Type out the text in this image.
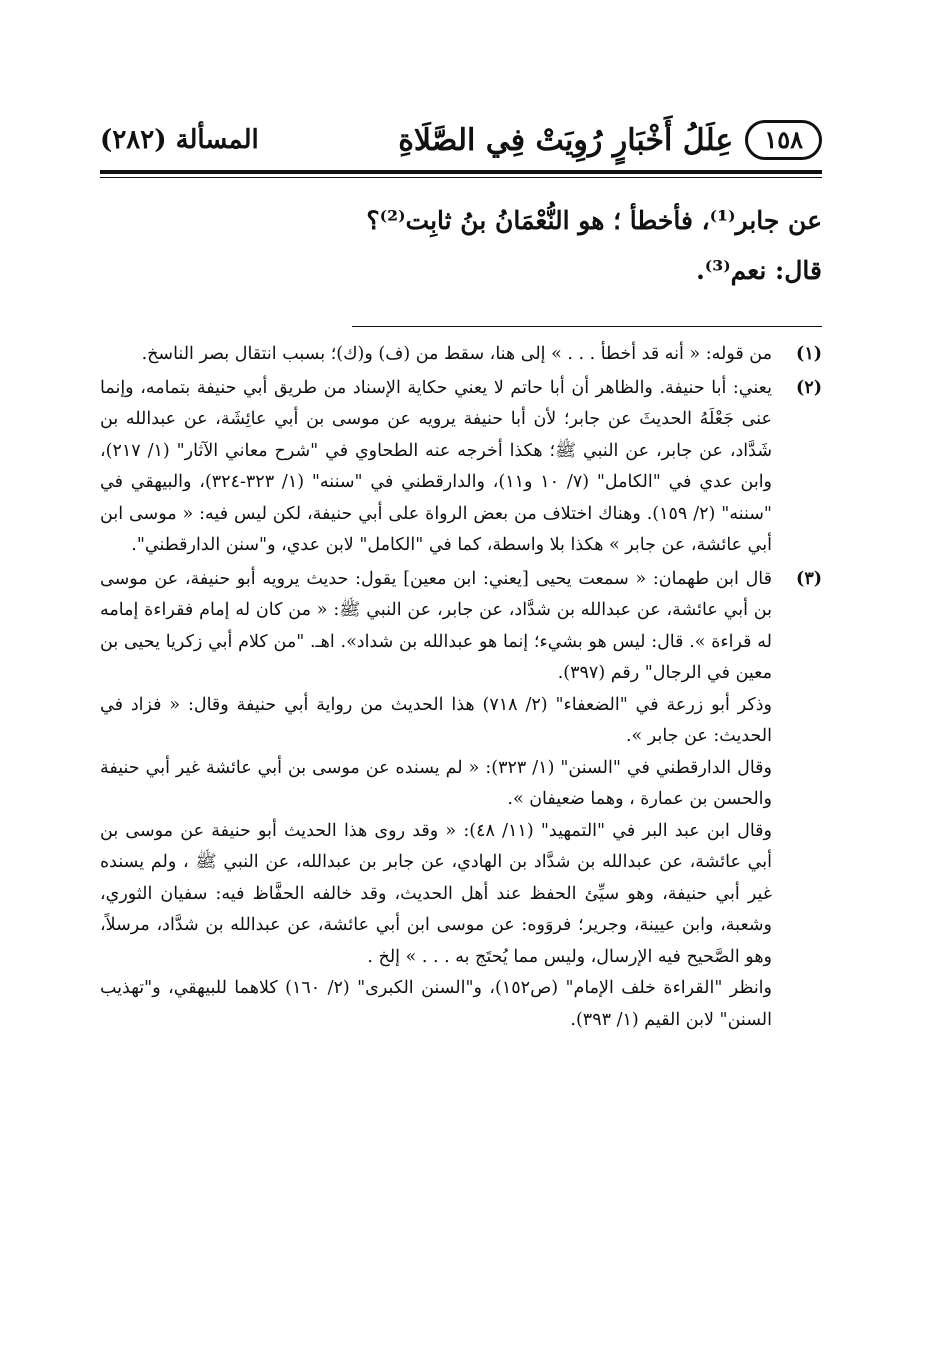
١٥٨
عِلَلُ أَخْبَارٍ رُوِيَتْ فِي الصَّلَاةِ
المسألة (٢٨٢)

عن جابر⁽¹⁾، فأخطأ ؛ هو النُّعْمَانُ بنُ ثابِت⁽²⁾؟

قال: نعم⁽³⁾.

(١)

من قوله: « أنه قد أخطأ . . . » إلى هنا، سقط من (ف) و(ك)؛ بسبب انتقال بصر الناسخ.

(٢)

يعني: أبا حنيفة. والظاهر أن أبا حاتم لا يعني حكاية الإسناد من طريق أبي حنيفة بتمامه، وإنما عنى جَعْلَهُ الحديثَ عن جابر؛ لأن أبا حنيفة يرويه عن موسى بن أبي عائِشَة، عن عبدالله بن شَدَّاد، عن جابر، عن النبي ﷺ؛ هكذا أخرجه عنه الطحاوي في "شرح معاني الآثار" (١/ ٢١٧)، وابن عدي في "الكامل" (٧/ ١٠ و١١)، والدارقطني في "سننه" (١/ ٣٢٣-٣٢٤)، والبيهقي في "سننه" (٢/ ١٥٩). وهناك اختلاف من بعض الرواة على أبي حنيفة، لكن ليس فيه: « موسى ابن أبي عائشة، عن جابر » هكذا بلا واسطة، كما في "الكامل" لابن عدي، و"سنن الدارقطني".

(٣)

قال ابن طهمان: « سمعت يحيى [يعني: ابن معين] يقول: حديث يرويه أبو حنيفة، عن موسى بن أبي عائشة، عن عبدالله بن شدَّاد، عن جابر، عن النبي ﷺ: « من كان له إمام فقراءة إمامه له قراءة ». قال: ليس هو بشيء؛ إنما هو عبدالله بن شداد». اهـ. "من كلام أبي زكريا يحيى بن معين في الرجال" رقم (٣٩٧).

وذكر أبو زرعة في "الضعفاء" (٢/ ٧١٨) هذا الحديث من رواية أبي حنيفة وقال: « فزاد في الحديث: عن جابر ».

وقال الدارقطني في "السنن" (١/ ٣٢٣): « لم يسنده عن موسى بن أبي عائشة غير أبي حنيفة والحسن بن عمارة ، وهما ضعيفان ».

وقال ابن عبد البر في "التمهيد" (١١/ ٤٨): « وقد روى هذا الحديث أبو حنيفة عن موسى بن أبي عائشة، عن عبدالله بن شدَّاد بن الهادي، عن جابر بن عبدالله، عن النبي ﷺ ، ولم يسنده غير أبي حنيفة، وهو سيِّئ الحفظ عند أهل الحديث، وقد خالفه الحفَّاظ فيه: سفيان الثوري، وشعبة، وابن عيينة، وجرير؛ فروَوه: عن موسى ابن أبي عائشة، عن عبدالله بن شدَّاد، مرسلاً، وهو الصَّحيح فيه الإرسال، وليس مما يُحتَج به . . . » إلخ .

وانظر "القراءة خلف الإمام" (ص١٥٢)، و"السنن الكبرى" (٢/ ١٦٠) كلاهما للبيهقي، و"تهذيب السنن" لابن القيم (١/ ٣٩٣).
